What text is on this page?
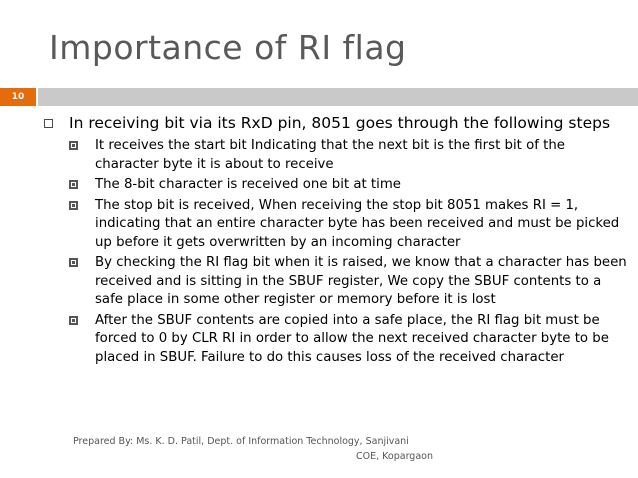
Importance of RI flag
10
In receiving bit via its RxD pin, 8051 goes through the following steps
It receives the start bit Indicating that the next bit is the first bit of the character byte it is about to receive
The 8-bit character is received one bit at time
The stop bit is received, When receiving the stop bit 8051 makes RI = 1, indicating that an entire character byte has been received and must be picked up before it gets overwritten by an incoming character
By checking the RI flag bit when it is raised, we know that a character has been received and is sitting in the SBUF register, We copy the SBUF contents to a safe place in some other register or memory before it is lost
After the SBUF contents are copied into a safe place, the RI flag bit must be forced to 0 by CLR RI in order to allow the next received character byte to be placed in SBUF. Failure to do this causes loss of the received character
Prepared By: Ms. K. D. Patil, Dept. of Information Technology, Sanjivani
COE, Kopargaon
